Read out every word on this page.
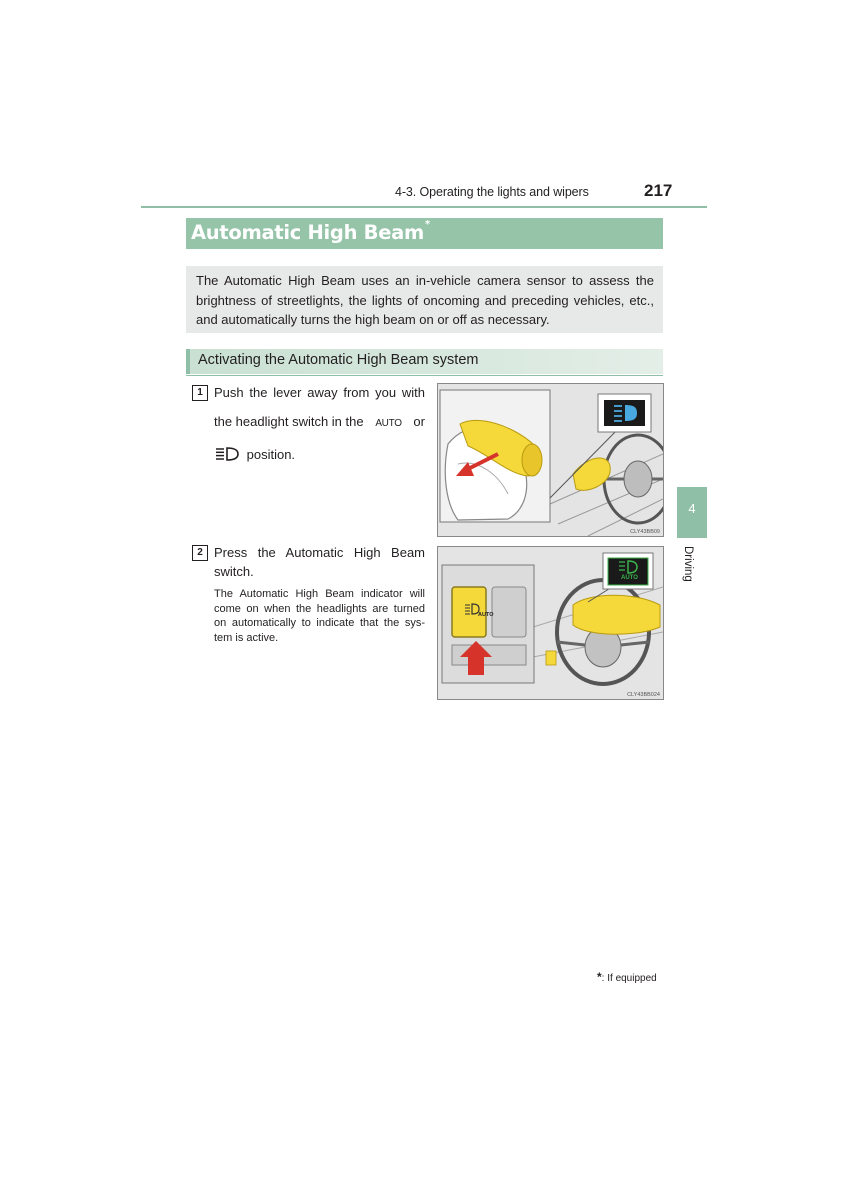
4-3. Operating the lights and wipers	217
Automatic High Beam*

The Automatic High Beam uses an in-vehicle camera sensor to assess the brightness of streetlights, the lights of oncoming and preceding vehicles, etc., and automatically turns the high beam on or off as necessary.

Activating the Automatic High Beam system
1 Push the lever away from you with
the headlight switch in the AUTO or
position.
CLY43BB09
2 Press the Automatic High Beam
switch.
The Automatic High Beam indicator will come on when the headlights are turned on automatically to indicate that the sys-tem is active.
AUTO
AUTO
CLY43BB024
4
Driving
*: If equipped
